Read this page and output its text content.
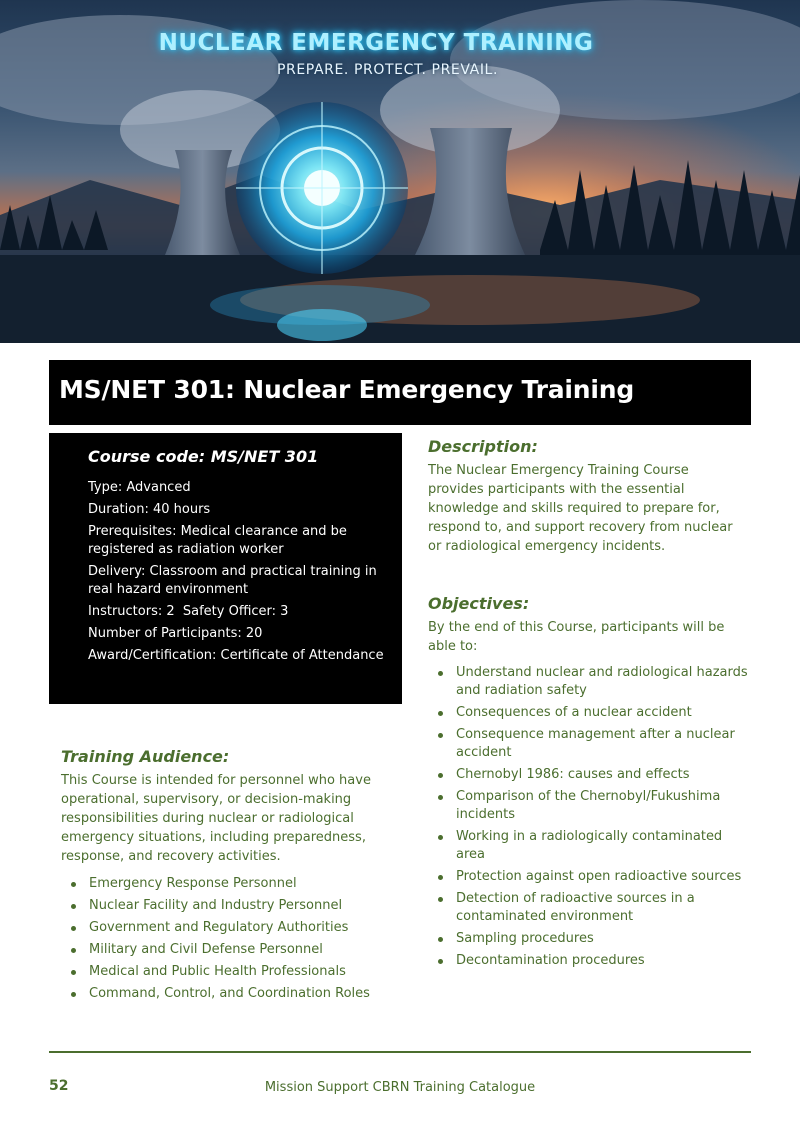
NUCLEAR EMERGENCY TRAINING
PREPARE. PROTECT. PREVAIL.
MS/NET 301: Nuclear Emergency Training
Course code: MS/NET 301
Type: Advanced
Duration: 40 hours
Prerequisites: Medical clearance and be registered as radiation worker
Delivery: Classroom and practical training in real hazard environment
Instructors: 2  Safety Officer: 3
Number of Participants: 20
Award/Certification: Certificate of Attendance
Description:
The Nuclear Emergency Training Course provides participants with the essential knowledge and skills required to prepare for, respond to, and support recovery from nuclear or radiological emergency incidents.
Objectives:
By the end of this Course, participants will be able to:
Understand nuclear and radiological hazards and radiation safety
Consequences of a nuclear accident
Consequence management after a nuclear accident
Chernobyl 1986: causes and effects
Comparison of the Chernobyl/Fukushima incidents
Working in a radiologically contaminated area
Protection against open radioactive sources
Detection of radioactive sources in a contaminated environment
Sampling procedures
Decontamination procedures
Training Audience:
This Course is intended for personnel who have operational, supervisory, or decision-making responsibilities during nuclear or radiological emergency situations, including preparedness, response, and recovery activities.
Emergency Response Personnel
Nuclear Facility and Industry Personnel
Government and Regulatory Authorities
Military and Civil Defense Personnel
Medical and Public Health Professionals
Command, Control, and Coordination Roles
52	Mission Support CBRN Training Catalogue
